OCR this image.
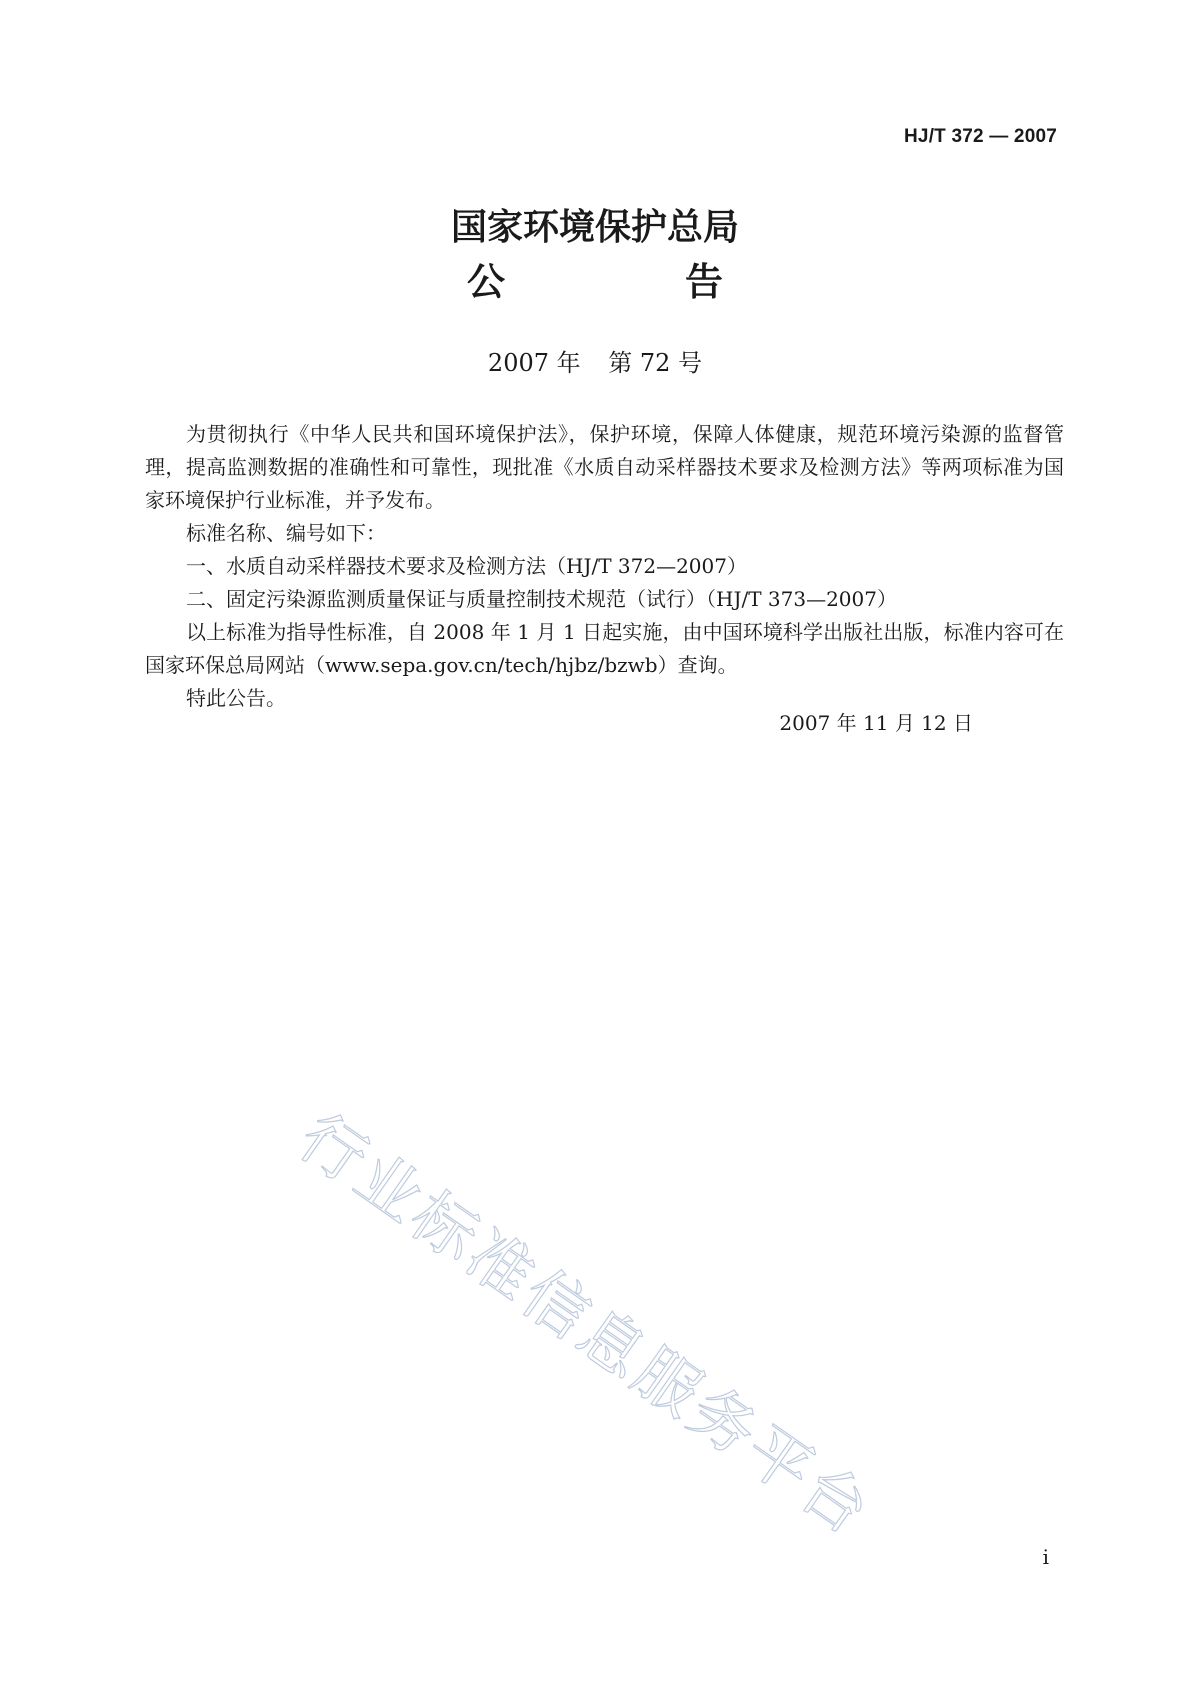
HJ/T 372 — 2007
国家环境保护总局
公	告
2007 年 第 72 号

为贯彻执行《中华人民共和国环境保护法》，保护环境，保障人体健康，规范环境污染源的监督管理，提高监测数据的准确性和可靠性，现批准《水质自动采样器技术要求及检测方法》等两项标准为国家环境保护行业标准，并予发布。

标准名称、编号如下：

一、水质自动采样器技术要求及检测方法（HJ/T 372—2007）

二、固定污染源监测质量保证与质量控制技术规范（试行）（HJ/T 373—2007）

以上标准为指导性标准，自 2008 年 1 月 1 日起实施，由中国环境科学出版社出版，标准内容可在国家环保总局网站（www.sepa.gov.cn/tech/hjbz/bzwb）查询。

特此公告。

2007 年 11 月 12 日
行业标准信息服务平台
i
